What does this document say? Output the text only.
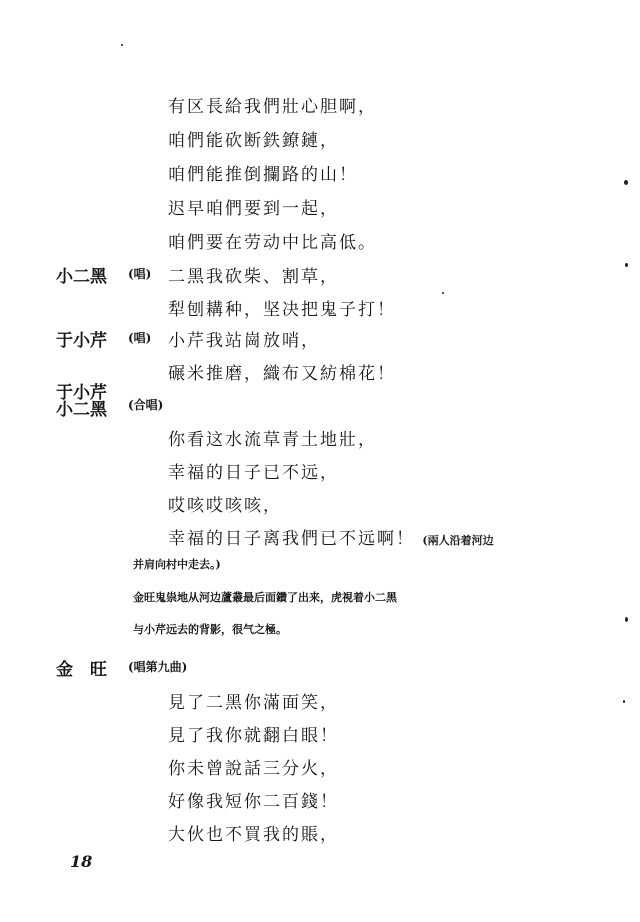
有区長給我們壯心胆啊，
咱們能砍断鉄鐐鏈，
咱們能推倒攔路的山！
迟早咱們要到一起，
咱們要在劳动中比高低。
小二黑 (唱) 二黑我砍柴、割草，
犁刨耩种，坚决把鬼子打！
于小芹 (唱) 小芹我站崗放哨，
碾米推磨，織布又紡棉花！
于小芹
小二黑 (合唱)
你看这水流草青土地壯，
幸福的日子已不远，
哎咳哎咳咳，
幸福的日子离我們已不远啊！ (兩人沿着河边
并肩向村中走去。)
金旺鬼祟地从河边蘆叢最后面鑽了出来，虎視着小二黑
与小芹远去的背影，很气之極。
金　旺 (唱第九曲)
見了二黑你滿面笑，
見了我你就翻白眼！
你未曾說話三分火，
好像我短你二百錢！
大伙也不買我的賬，
18
